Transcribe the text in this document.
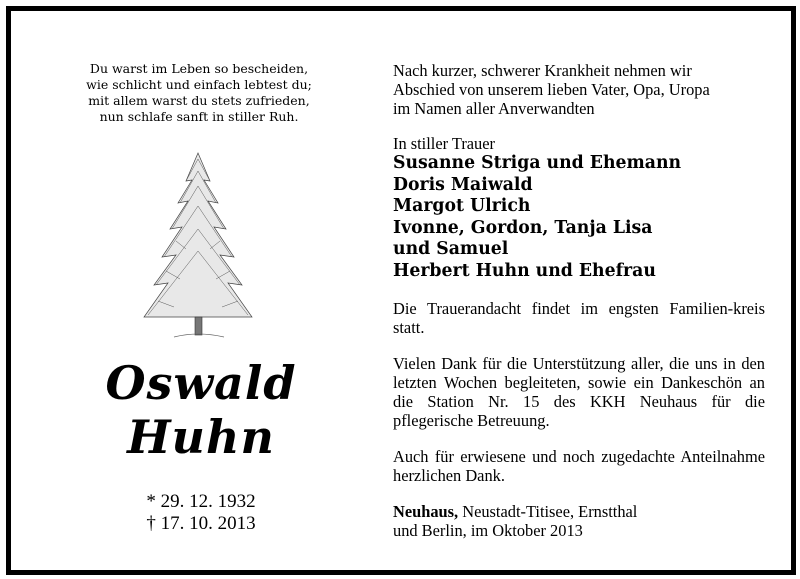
Du warst im Leben so bescheiden,
wie schlicht und einfach lebtest du;
mit allem warst du stets zufrieden,
nun schlafe sanft in stiller Ruh.
Oswald
Huhn
* 29. 12. 1932
† 17. 10. 2013

Nach kurzer, schwerer Krankheit nehmen wir
Abschied von unserem lieben Vater, Opa, Uropa
im Namen aller Anverwandten

In stiller Trauer

Susanne Striga und Ehemann
Doris Maiwald
Margot Ulrich
Ivonne, Gordon, Tanja Lisa
und Samuel
Herbert Huhn und Ehefrau

Die Trauerandacht findet im engsten Familien-kreis statt.

Vielen Dank für die Unterstützung aller, die uns in den letzten Wochen begleiteten, sowie ein Dankeschön an die Station Nr. 15 des KKH Neuhaus für die pflegerische Betreuung.

Auch für erwiesene und noch zugedachte Anteilnahme herzlichen Dank.

Neuhaus, Neustadt-Titisee, Ernstthal
und Berlin, im Oktober 2013
